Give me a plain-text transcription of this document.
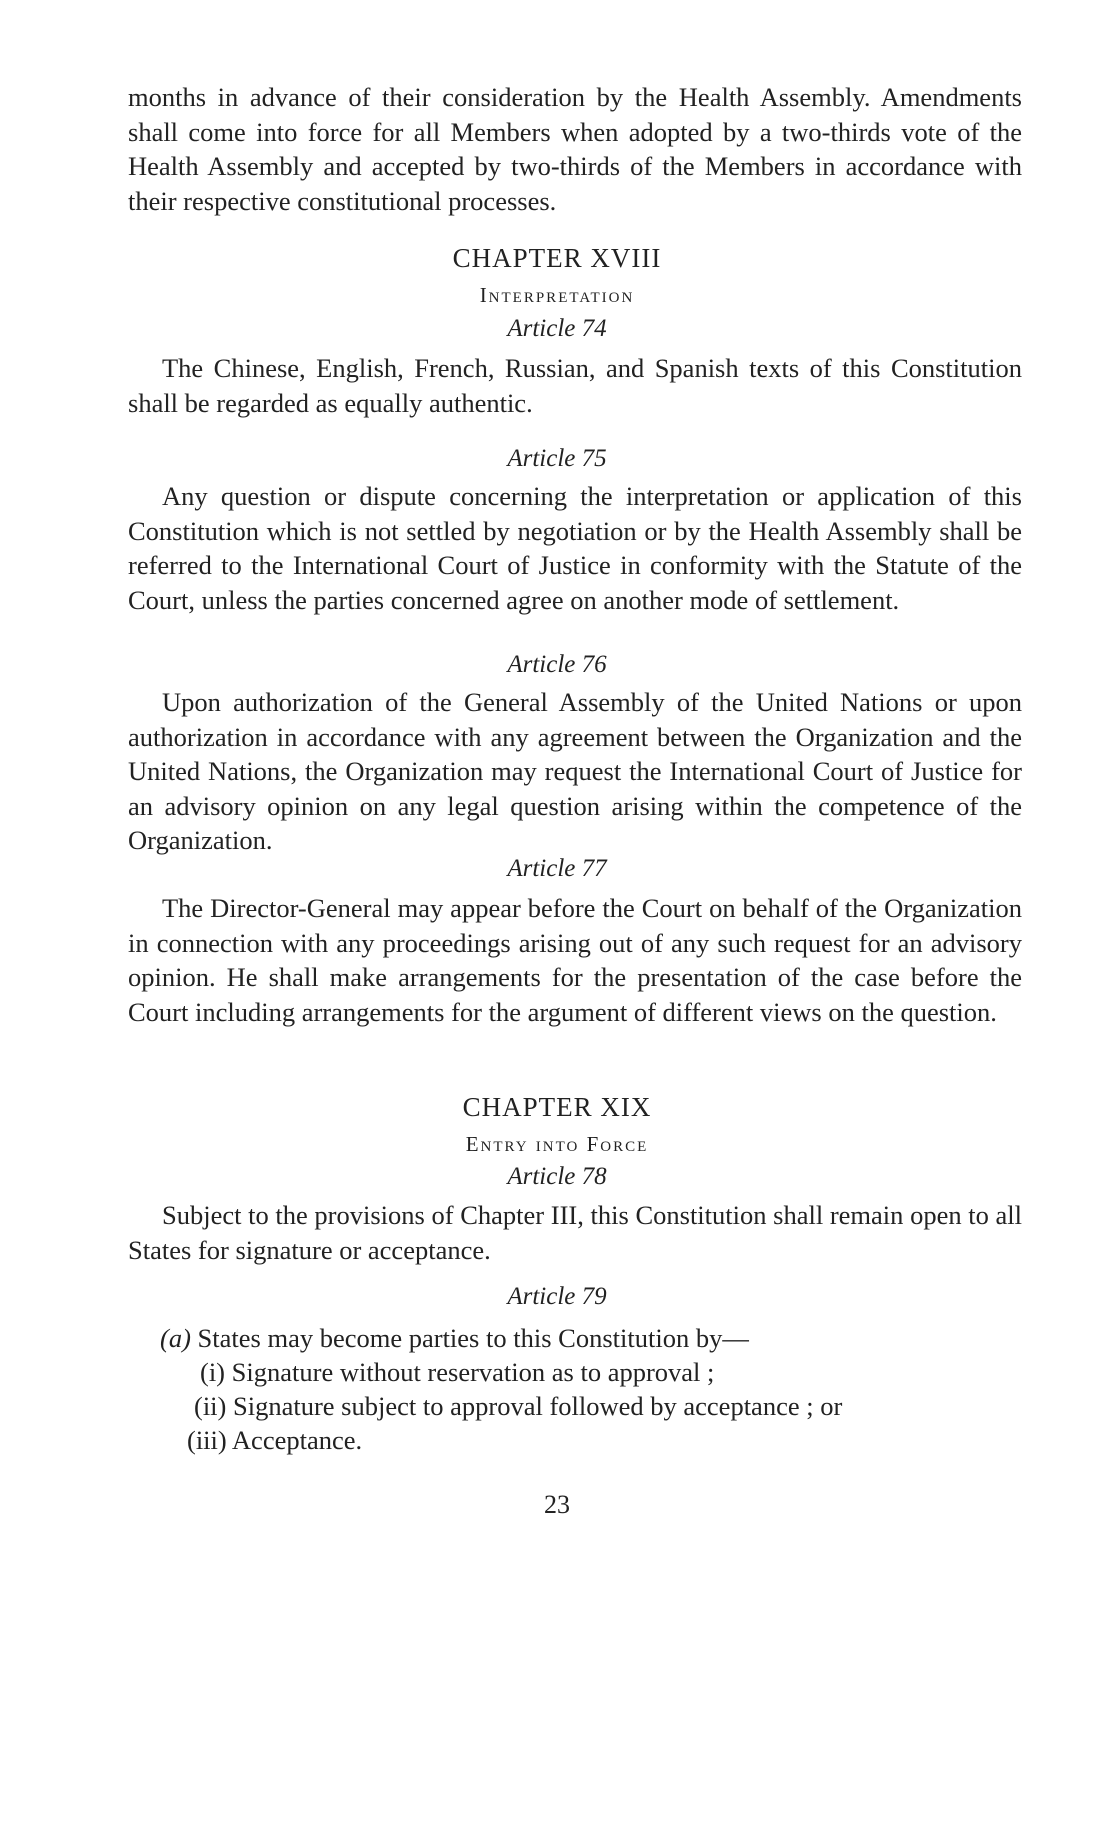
months in advance of their consideration by the Health Assembly. Amendments shall come into force for all Members when adopted by a two-thirds vote of the Health Assembly and accepted by two-thirds of the Members in accordance with their respective constitutional processes.

CHAPTER XVIII

Interpretation

Article 74

The Chinese, English, French, Russian, and Spanish texts of this Constitution shall be regarded as equally authentic.

Article 75

Any question or dispute concerning the interpretation or application of this Constitution which is not settled by negotiation or by the Health Assembly shall be referred to the International Court of Justice in conformity with the Statute of the Court, unless the parties concerned agree on another mode of settlement.

Article 76

Upon authorization of the General Assembly of the United Nations or upon authorization in accordance with any agreement between the Organization and the United Nations, the Organization may request the International Court of Justice for an advisory opinion on any legal question arising within the competence of the Organization.

Article 77

The Director-General may appear before the Court on behalf of the Organization in connection with any proceedings arising out of any such request for an advisory opinion. He shall make arrangements for the presentation of the case before the Court including arrangements for the argument of different views on the question.

CHAPTER XIX

Entry into Force

Article 78

Subject to the provisions of Chapter III, this Constitution shall remain open to all States for signature or acceptance.

Article 79

(a) States may become parties to this Constitution by—

(i) Signature without reservation as to approval ;

(ii) Signature subject to approval followed by acceptance ; or

(iii) Acceptance.

23
